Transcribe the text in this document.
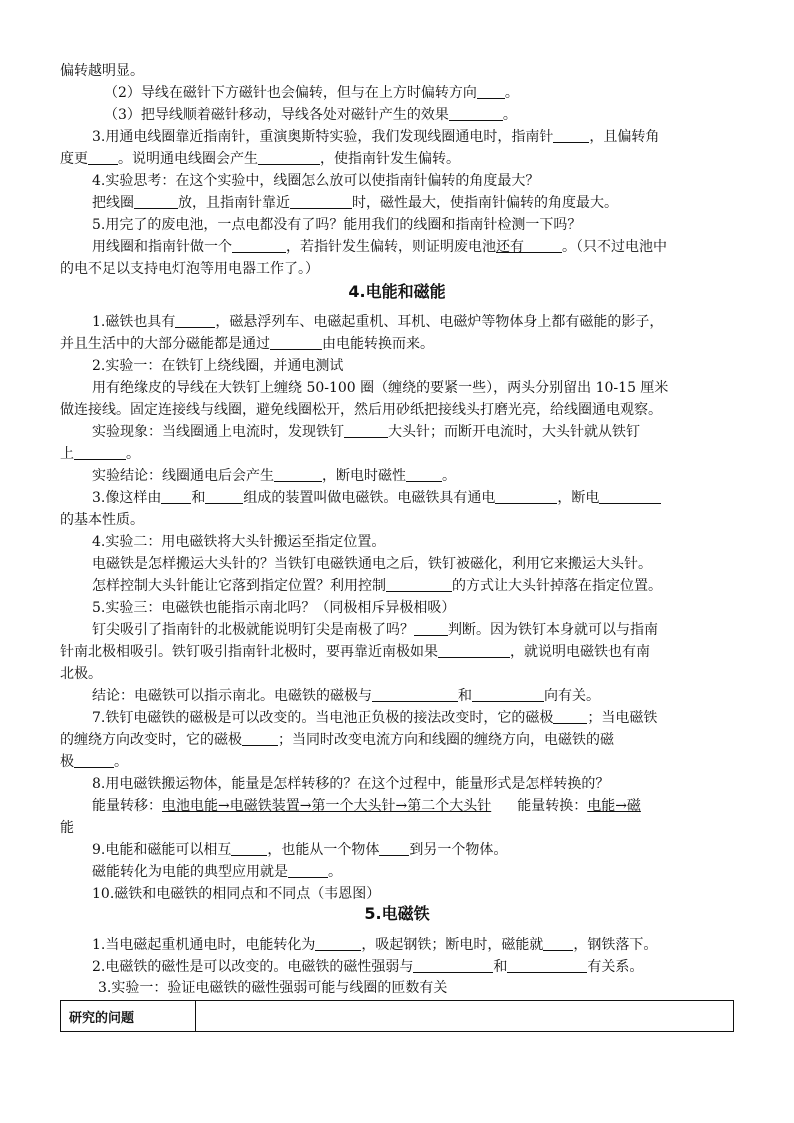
偏转越明显。
（2）导线在磁针下方磁针也会偏转，但与在上方时偏转方向 。
（3）把导线顺着磁针移动，导线各处对磁针产生的效果	。
3.用通电线圈靠近指南针，重演奥斯特实验，我们发现线圈通电时，指南针	，且偏转角
度更 。说明通电线圈会产生	，使指南针发生偏转。
4.实验思考：在这个实验中，线圈怎么放可以使指南针偏转的角度最大？
把线圈	放，且指南针靠近	时，磁性最大，使指南针偏转的角度最大。
5.用完了的废电池，一点电都没有了吗？能用我们的线圈和指南针检测一下吗？
用线圈和指南针做一个	，若指针发生偏转，则证明废电池还有	。（只不过电池中
的电不足以支持电灯泡等用电器工作了。）
4.电能和磁能
1.磁铁也具有	，磁悬浮列车、电磁起重机、耳机、电磁炉等物体身上都有磁能的影子，
并且生活中的大部分磁能都是通过	由电能转换而来。
2.实验一：在铁钉上绕线圈，并通电测试
用有绝缘皮的导线在大铁钉上缠绕 50-100 圈（缠绕的要紧一些），两头分别留出 10-15 厘米
做连接线。固定连接线与线圈，避免线圈松开，然后用砂纸把接线头打磨光亮，给线圈通电观察。
实验现象：当线圈通上电流时，发现铁钉	大头针；而断开电流时，大头针就从铁钉
上	。
实验结论：线圈通电后会产生	，断电时磁性	。
3.像这样由 和	组成的装置叫做电磁铁。电磁铁具有通电	，断电
的基本性质。
4.实验二：用电磁铁将大头针搬运至指定位置。
电磁铁是怎样搬运大头针的？当铁钉电磁铁通电之后，铁钉被磁化，利用它来搬运大头针。
怎样控制大头针能让它落到指定位置？利用控制	的方式让大头针掉落在指定位置。
5.实验三：电磁铁也能指示南北吗？（同极相斥异极相吸）
钉尖吸引了指南针的北极就能说明钉尖是南极了吗？ 判断。因为铁钉本身就可以与指南
针南北极相吸引。铁钉吸引指南针北极时，要再靠近南极如果	，就说明电磁铁也有南
北极。
结论：电磁铁可以指示南北。电磁铁的磁极与	和	向有关。
7.铁钉电磁铁的磁极是可以改变的。当电池正负极的接法改变时，它的磁极 ；当电磁铁
的缠绕方向改变时，它的磁极	；当同时改变电流方向和线圈的缠绕方向，电磁铁的磁
极	。
8.用电磁铁搬运物体，能量是怎样转移的？在这个过程中，能量形式是怎样转换的？
能量转移：电池电能→电磁铁装置→第一个大头针→第二个大头针 能量转换：电能→磁
能
9.电能和磁能可以相互	，也能从一个物体 到另一个物体。
磁能转化为电能的典型应用就是	。
10.磁铁和电磁铁的相同点和不同点（韦恩图）
5.电磁铁
1.当电磁起重机通电时，电能转化为	，吸起钢铁；断电时，磁能就 ，钢铁落下。
2.电磁铁的磁性是可以改变的。电磁铁的磁性强弱与	和	有关系。
3.实验一：验证电磁铁的磁性强弱可能与线圈的匝数有关
研究的问题	
